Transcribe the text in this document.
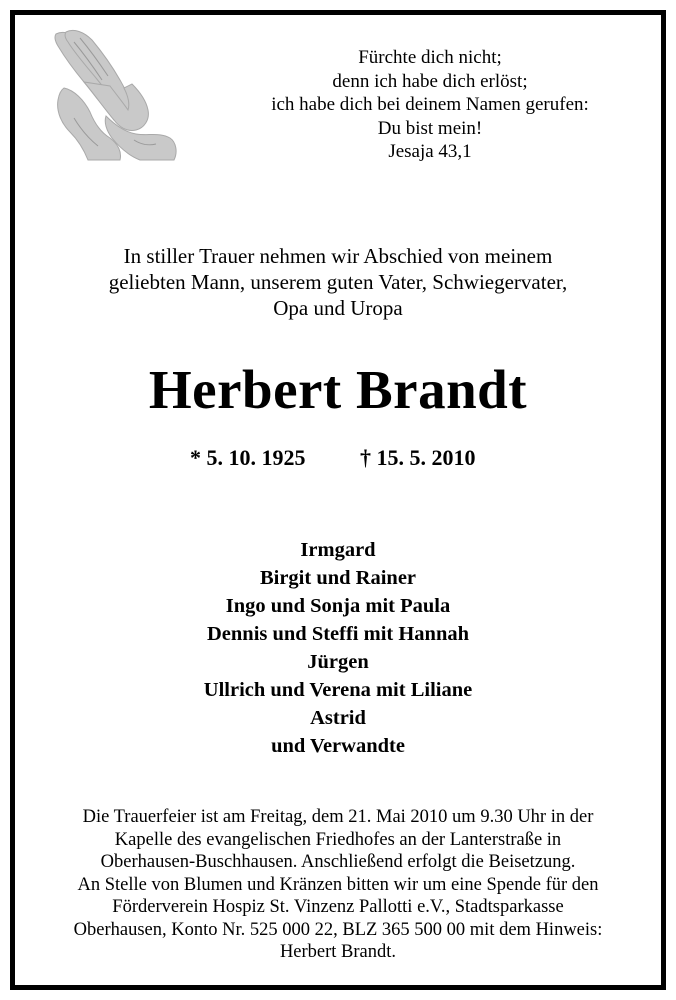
Fürchte dich nicht;
denn ich habe dich erlöst;
ich habe dich bei deinem Namen gerufen:
Du bist mein!
Jesaja 43,1
In stiller Trauer nehmen wir Abschied von meinem
geliebten Mann, unserem guten Vater, Schwiegervater,
Opa und Uropa
Herbert Brandt
* 5. 10. 1925 † 15. 5. 2010
Irmgard
Birgit und Rainer
Ingo und Sonja mit Paula
Dennis und Steffi mit Hannah
Jürgen
Ullrich und Verena mit Liliane
Astrid
und Verwandte
Die Trauerfeier ist am Freitag, dem 21. Mai 2010 um 9.30 Uhr in der
Kapelle des evangelischen Friedhofes an der Lanterstraße in
Oberhausen-Buschhausen. Anschließend erfolgt die Beisetzung.
An Stelle von Blumen und Kränzen bitten wir um eine Spende für den
Förderverein Hospiz St. Vinzenz Pallotti e.V., Stadtsparkasse
Oberhausen, Konto Nr. 525 000 22, BLZ 365 500 00 mit dem Hinweis:
Herbert Brandt.
